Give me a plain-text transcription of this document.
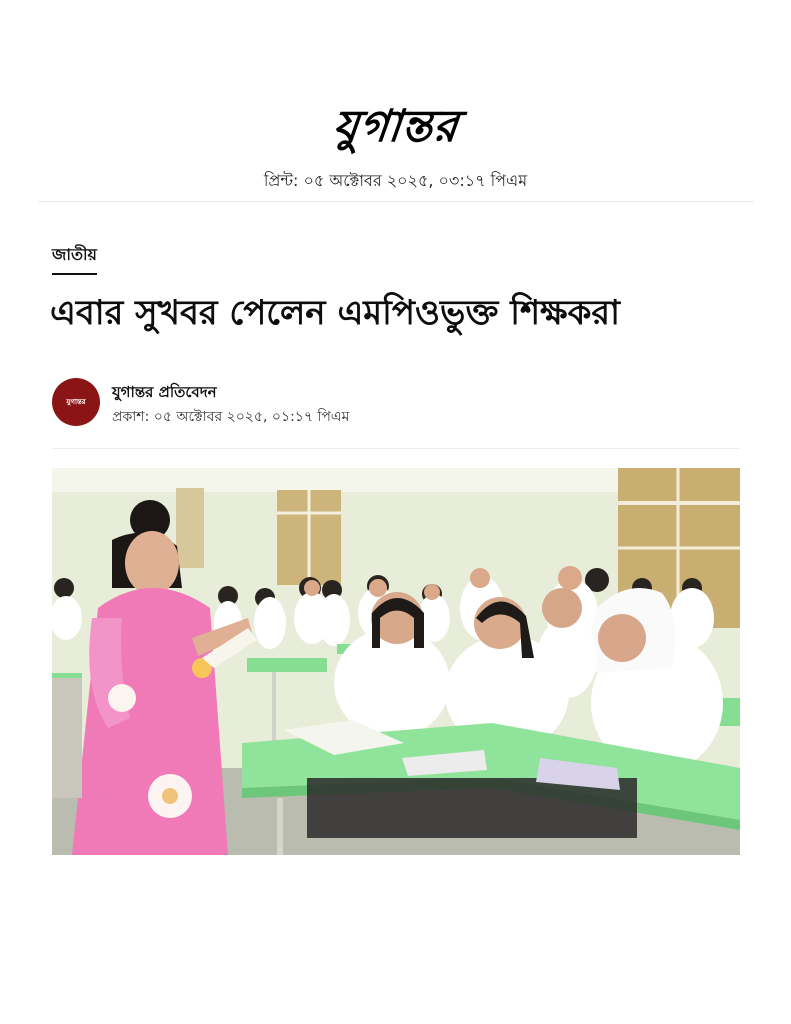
যুগান্তর
প্রিন্ট: ০৫ অক্টোবর ২০২৫, ০৩:১৭ পিএম
জাতীয়
এবার সুখবর পেলেন এমপিওভুক্ত শিক্ষকরা
যুগান্তর
যুগান্তর প্রতিবেদন
প্রকাশ: ০৫ অক্টোবর ২০২৫, ০১:১৭ পিএম
